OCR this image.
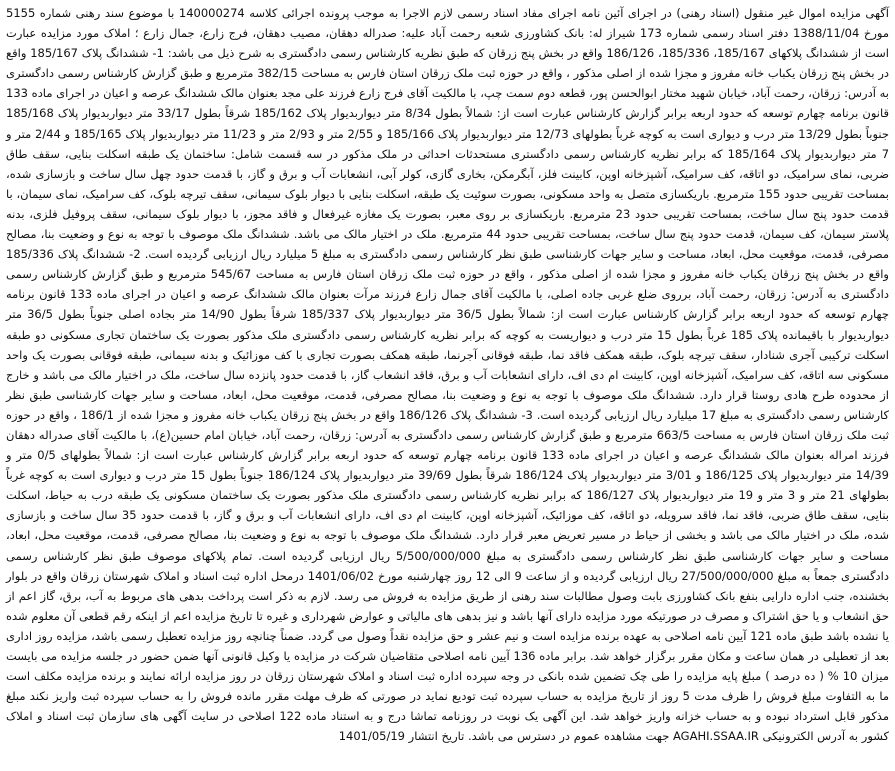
آگهی مزایده اموال غیر منقول (اسناد رهنی) در اجرای آئین نامه اجرای مفاد اسناد رسمی لازم الاجرا به موجب پرونده اجرائی کلاسه 140000274 با موضوع سند رهنی شماره 5155 مورخ 1388/11/04 دفتر اسناد رسمی شماره 173 شیراز له: بانک کشاورزی شعبه رحمت آباد علیه: صدراله دهقان، مصیب دهقان، فرج زارع، جمال زارع ؛ املاک مورد مزایده عبارت است از ششدانگ پلاکهای 185/167، 185/336، 186/126 واقع در بخش پنج زرقان که طبق نظریه کارشناس رسمی دادگستری به شرح ذیل می باشد: 1- ششدانگ پلاک 185/167 واقع در بخش پنج زرقان یکباب خانه مفروز و مجزا شده از اصلی مذکور ، واقع در حوزه ثبت ملک زرقان استان فارس به مساحت 382/15 مترمربع و طبق گزارش کارشناس رسمی دادگستری به آدرس: زرقان، رحمت آباد، خیابان شهید مختار ابوالحسن پور، قطعه دوم سمت چپ، با مالکیت آقای فرج زارع فرزند علی مجد بعنوان مالک ششدانگ عرصه و اعیان در اجرای ماده 133 قانون برنامه چهارم توسعه که حدود اربعه برابر گزارش کارشناس عبارت است از: شمالاً بطول 8/34 متر دیواربدیوار پلاک 185/162 شرقاً بطول 33/17 متر دیواربدیوار پلاک 185/168 جنوباً بطول 13/29 متر درب و دیواری است به کوچه غرباً بطولهای 12/73 متر دیواربدیوار پلاک 185/166 و 2/55 متر و 2/93 متر و 11/23 متر دیواربدیوار پلاک 185/165 و 2/44 متر و 7 متر دیواربدیوار پلاک 185/164 که برابر نظریه کارشناس رسمی دادگستری مستحدثات احداثی در ملک مذکور در سه قسمت شامل: ساختمان یک طبقه اسکلت بنایی، سقف طاق ضربی، نمای سرامیک، دو اتاقه، کف سرامیک، آشپزخانه اوپن، کابینت فلز، آبگرمکن، بخاری گازی، کولر آبی، انشعابات آب و برق و گاز، با قدمت حدود چهل سال ساخت و بازسازی شده، بمساحت تقریبی حدود 155 مترمربع. باریکسازی متصل به واحد مسکونی، بصورت سوئیت یک طبقه، اسکلت بنایی با دیوار بلوک سیمانی، سقف تیرچه بلوک، کف سرامیک، نمای سیمان، با قدمت حدود پنج سال ساخت، بمساحت تقریبی حدود 23 مترمربع. باریکسازی بر روی معبر، بصورت یک مغازه غیرفعال و فاقد مجوز، با دیوار بلوک سیمانی، سقف پروفیل فلزی، بدنه پلاستر سیمان، کف سیمان، قدمت حدود پنج سال ساخت، بمساحت تقریبی حدود 44 مترمربع. ملک در اختیار مالک می باشد. ششدانگ ملک موصوف با توجه به نوع و وضعیت بنا، مصالح مصرفی، قدمت، موقعیت محل، ابعاد، مساحت و سایر جهات کارشناسی طبق نظر کارشناس رسمی دادگستری به مبلغ 5 میلیارد ریال ارزیابی گردیده است. 2- ششدانگ پلاک 185/336 واقع در بخش پنج زرقان یکباب خانه مفروز و مجزا شده از اصلی مذکور ، واقع در حوزه ثبت ملک زرقان استان فارس به مساحت 545/67 مترمربع و طبق گزارش کارشناس رسمی دادگستری به آدرس: زرقان، رحمت آباد، برروی ضلع غربی جاده اصلی، با مالکیت آقای جمال زارع فرزند مرآت بعنوان مالک ششدانگ عرصه و اعیان در اجرای ماده 133 قانون برنامه چهارم توسعه که حدود اربعه برابر گزارش کارشناس عبارت است از: شمالاً بطول 36/5 متر دیواربدیوار پلاک 185/337 شرقاً بطول 14/90 متر بجاده اصلی جنوباً بطول 36/5 متر دیواربدیوار با باقیمانده پلاک 185 غرباً بطول 15 متر درب و دیواریست به کوچه که برابر نظریه کارشناس رسمی دادگستری ملک مذکور بصورت یک ساختمان تجاری مسکونی دو طبقه اسکلت ترکیبی آجری شنادار، سقف تیرچه بلوک، طبقه همکف فاقد نما، طبقه فوقانی آجرنما، طبقه همکف بصورت تجاری با کف موزائیک و بدنه سیمانی، طبقه فوقانی بصورت یک واحد مسکونی سه اتاقه، کف سرامیک، آشپزخانه اوپن، کابینت ام دی اف، دارای انشعابات آب و برق، فاقد انشعاب گاز، با قدمت حدود پانزده سال ساخت، ملک در اختیار مالک می باشد و خارج از محدوده طرح هادی روستا قرار دارد. ششدانگ ملک موصوف با توجه به نوع و وضعیت بنا، مصالح مصرفی، قدمت، موقعیت محل، ابعاد، مساحت و سایر جهات کارشناسی طبق نظر کارشناس رسمی دادگستری به مبلغ 17 میلیارد ریال ارزیابی گردیده است. 3- ششدانگ پلاک 186/126 واقع در بخش پنج زرقان یکباب خانه مفروز و مجزا شده از 186/1 ، واقع در حوزه ثبت ملک زرقان استان فارس به مساحت 663/5 مترمربع و طبق گزارش کارشناس رسمی دادگستری به آدرس: زرقان، رحمت آباد، خیابان امام حسین(ع)، با مالکیت آقای صدراله دهقان فرزند امراله بعنوان مالک ششدانگ عرصه و اعیان در اجرای ماده 133 قانون برنامه چهارم توسعه که حدود اربعه برابر گزارش کارشناس عبارت است از: شمالاً بطولهای 0/5 متر و 14/39 متر دیواربدیوار پلاک 186/125 و 3/01 متر دیواربدیوار پلاک 186/124 شرقاً بطول 39/69 متر دیواربدیوار پلاک 186/124 جنوباً بطول 15 متر درب و دیواری است به کوچه غرباً بطولهای 21 متر و 3 متر و 19 متر دیواربدیوار پلاک 186/127 که برابر نظریه کارشناس رسمی دادگستری ملک مذکور بصورت یک ساختمان مسکونی یک طبقه درب به حیاط، اسکلت بنایی، سقف طاق ضربی، فاقد نما، فاقد سرویله، دو اتاقه، کف موزائیک، آشپزخانه اوپن، کابینت ام دی اف، دارای انشعابات آب و برق و گاز، با قدمت حدود 35 سال ساخت و بازسازی شده، ملک در اختیار مالک می باشد و بخشی از حیاط در مسیر تعریض معبر قرار دارد. ششدانگ ملک موصوف با توجه به نوع و وضعیت بنا، مصالح مصرفی، قدمت، موقعیت محل، ابعاد، مساحت و سایر جهات کارشناسی طبق نظر کارشناس رسمی دادگستری به مبلغ 5/500/000/000 ریال ارزیابی گردیده است. تمام پلاکهای موصوف طبق نظر کارشناس رسمی دادگستری جمعاً به مبلغ 27/500/000/000 ریال ارزیابی گردیده و از ساعت 9 الی 12 روز چهارشنبه مورخ 1401/06/02 درمحل اداره ثبت اسناد و املاک شهرستان زرقان واقع در بلوار بخشنده، جنب اداره دارایی بنفع بانک کشاورزی بابت وصول مطالبات سند رهنی از طریق مزایده به فروش می رسد. لازم به ذکر است پرداخت بدهی های مربوط به آب، برق، گاز اعم از حق انشعاب و یا حق اشتراک و مصرف در صورتیکه مورد مزایده دارای آنها باشد و نیز بدهی های مالیاتی و عوارض شهرداری و غیره تا تاریخ مزایده اعم از اینکه رقم قطعی آن معلوم شده یا نشده باشد طبق ماده 121 آیین نامه اصلاحی به عهده برنده مزایده است و نیم عشر و حق مزایده نقداً وصول می گردد. ضمناً چنانچه روز مزایده تعطیل رسمی باشد، مزایده روز اداری بعد از تعطیلی در همان ساعت و مکان مقرر برگزار خواهد شد. برابر ماده 136 آیین نامه اصلاحی متقاضیان شرکت در مزایده یا وکیل قانونی آنها ضمن حضور در جلسه مزایده می بایست میزان 10 % ( ده درصد ) مبلغ پایه مزایده را طی چک تضمین شده بانکی در وجه سپرده اداره ثبت اسناد و املاک شهرستان زرقان در روز مزایده ارائه نمایند و برنده مزایده مکلف است ما به التفاوت مبلغ فروش را ظرف مدت 5 روز از تاریخ مزایده به حساب سپرده ثبت تودیع نماید در صورتی که ظرف مهلت مقرر مانده فروش را به حساب سپرده ثبت واریز نکند مبلغ مذکور قابل استرداد نبوده و به حساب خزانه واریز خواهد شد. این آگهی یک نوبت در روزنامه تماشا درج و به استناد ماده 122 اصلاحی در سایت آگهی های سازمان ثبت اسناد و املاک کشور به آدرس الکترونیکی AGAHI.SSAA.IR جهت مشاهده عموم در دسترس می باشد. تاریخ انتشار 1401/05/19
